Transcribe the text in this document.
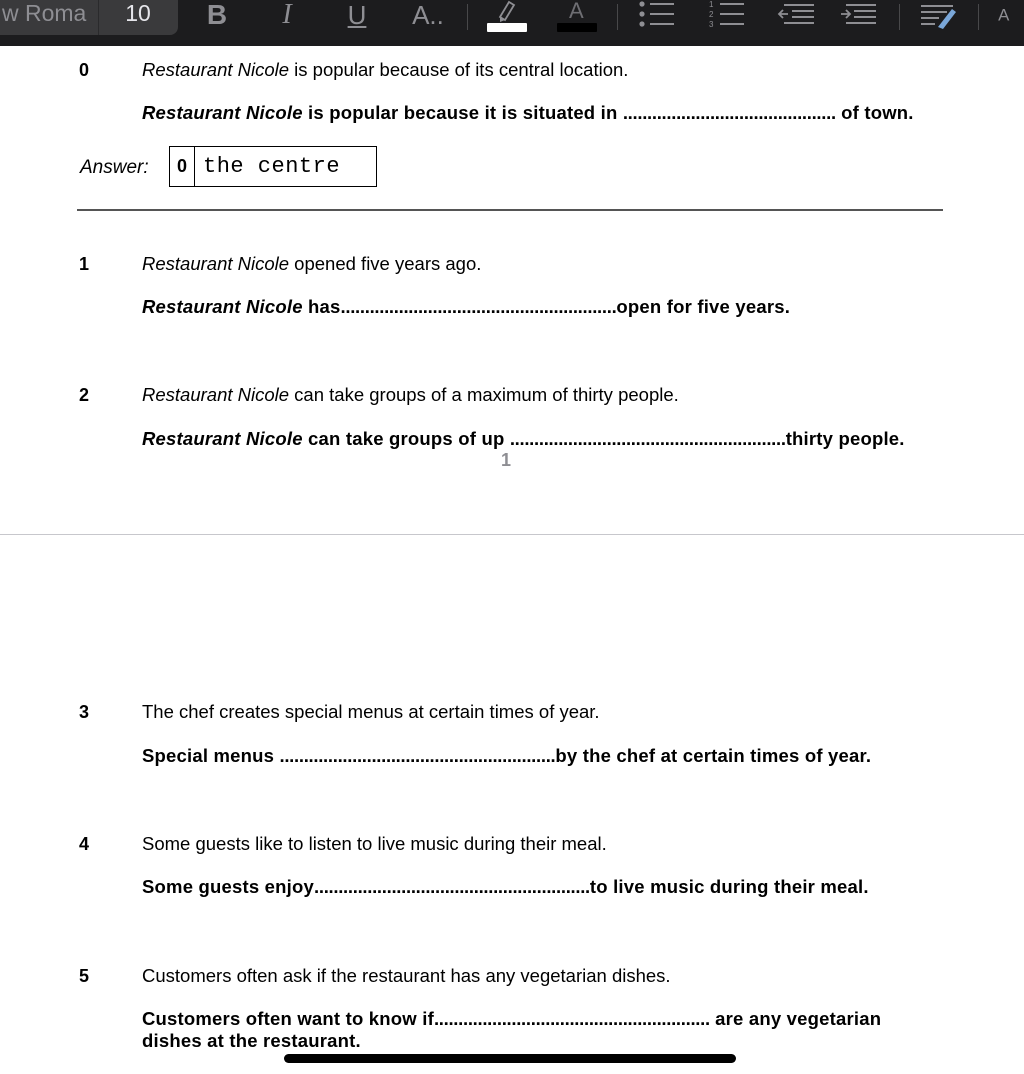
w Roma	10	B	I	U A..	A	1
2
3	A
0	Restaurant Nicole is popular because of its central location.
Restaurant Nicole is popular because it is situated in ............................................ of town.
Answer:	0 the centre
1	Restaurant Nicole opened five years ago.
Restaurant Nicole has.........................................................open for five years.
2	Restaurant Nicole can take groups of a maximum of thirty people.
Restaurant Nicole can take groups of up .........................................................thirty people.
1
3	The chef creates special menus at certain times of year.
Special menus .........................................................by the chef at certain times of year.
4	Some guests like to listen to live music during their meal.
Some guests enjoy.........................................................to live music during their meal.
5	Customers often ask if the restaurant has any vegetarian dishes.
Customers often want to know if......................................................... are any vegetarian
dishes at the restaurant.
